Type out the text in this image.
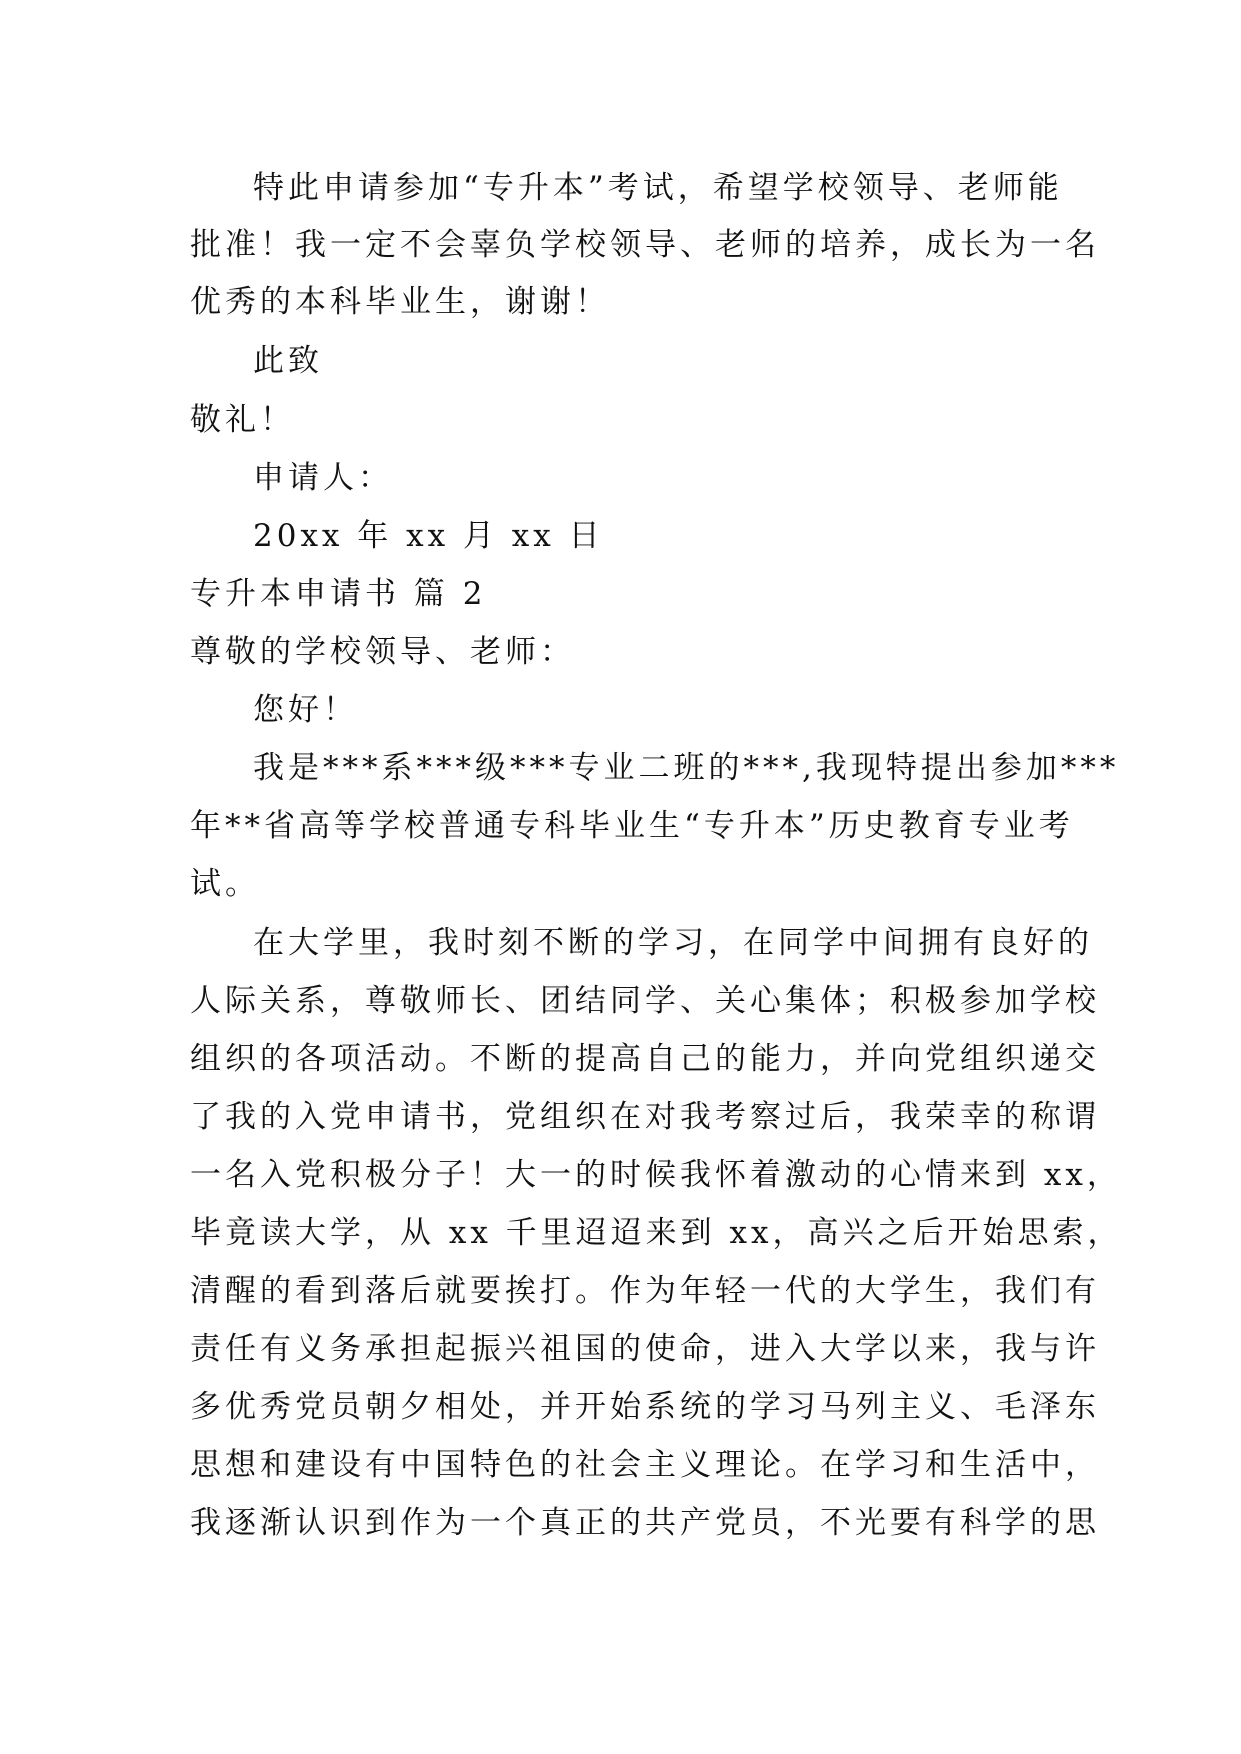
特此申请参加“专升本”考试，希望学校领导、老师能
批准！我一定不会辜负学校领导、老师的培养，成长为一名
优秀的本科毕业生，谢谢！
此致
敬礼！
申请人：
20xx 年 xx 月 xx 日
专升本申请书 篇 2
尊敬的学校领导、老师：
您好！
我是***系***级***专业二班的***,我现特提出参加***
年**省高等学校普通专科毕业生“专升本”历史教育专业考
试。
在大学里，我时刻不断的学习，在同学中间拥有良好的
人际关系，尊敬师长、团结同学、关心集体；积极参加学校
组织的各项活动。不断的提高自己的能力，并向党组织递交
了我的入党申请书，党组织在对我考察过后，我荣幸的称谓
一名入党积极分子！大一的时候我怀着激动的心情来到 xx，
毕竟读大学，从 xx 千里迢迢来到 xx，高兴之后开始思索，
清醒的看到落后就要挨打。作为年轻一代的大学生，我们有
责任有义务承担起振兴祖国的使命，进入大学以来，我与许
多优秀党员朝夕相处，并开始系统的学习马列主义、毛泽东
思想和建设有中国特色的社会主义理论。在学习和生活中，
我逐渐认识到作为一个真正的共产党员，不光要有科学的思
